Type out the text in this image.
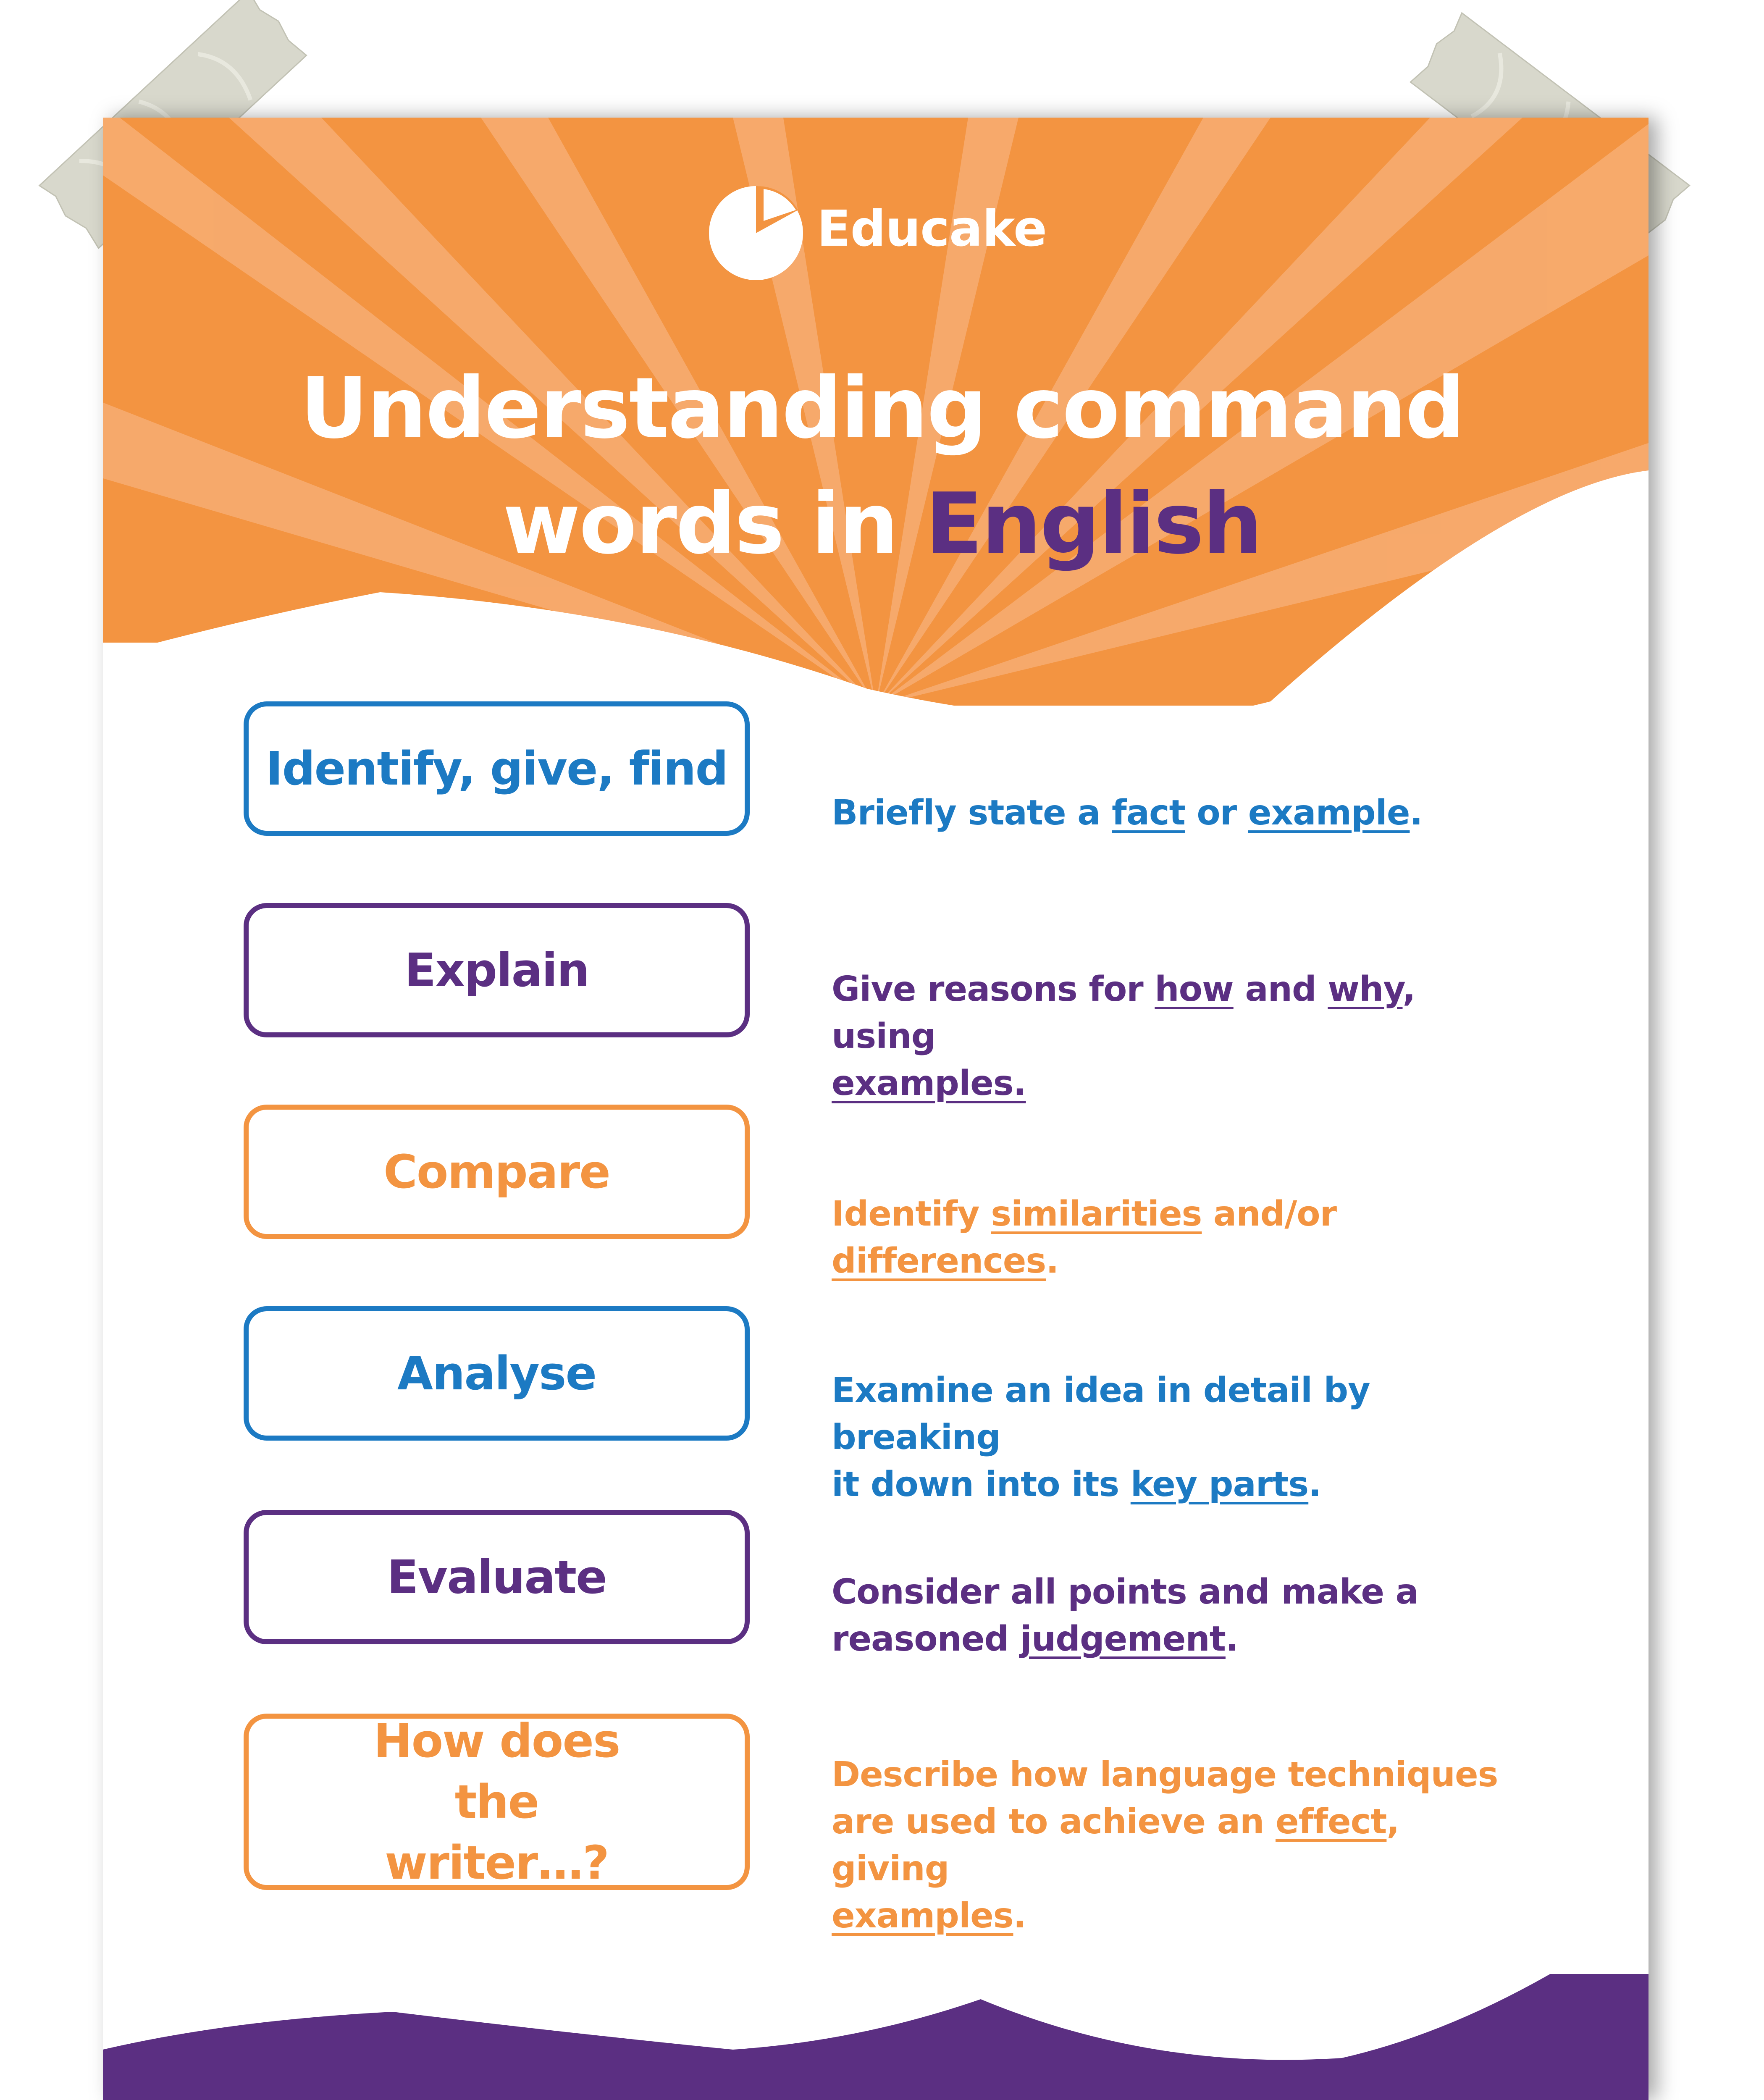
Educake
Understanding command
words in English
Identify, give, find
Briefly state a fact or example.
Explain	Give reasons for how and why, using
examples.
Compare
Identify similarities and/or differences.
Analyse	Examine an idea in detail by breaking
it down into its key parts.
Evaluate	Consider all points and make a
reasoned judgement.
How does the writer…?
Describe how language techniques
are used to achieve an effect, giving
examples.
